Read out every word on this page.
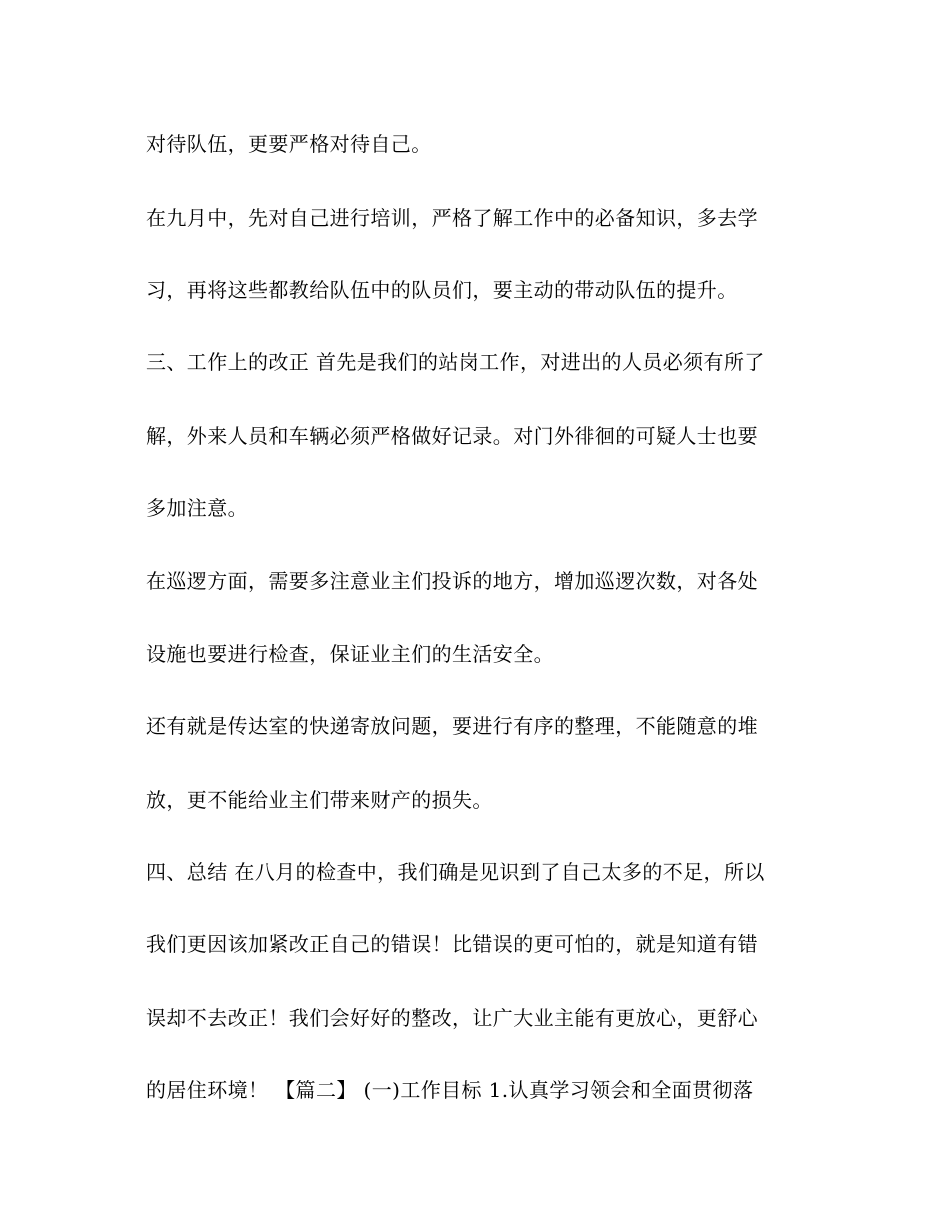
对待队伍，更要严格对待自己。
在九月中，先对自己进行培训，严格了解工作中的必备知识，多去学
习，再将这些都教给队伍中的队员们，要主动的带动队伍的提升。
三、工作上的改正 首先是我们的站岗工作，对进出的人员必须有所了
解，外来人员和车辆必须严格做好记录。对门外徘徊的可疑人士也要
多加注意。
在巡逻方面，需要多注意业主们投诉的地方，增加巡逻次数，对各处
设施也要进行检查，保证业主们的生活安全。
还有就是传达室的快递寄放问题，要进行有序的整理，不能随意的堆
放，更不能给业主们带来财产的损失。
四、总结 在八月的检查中，我们确是见识到了自己太多的不足，所以
我们更因该加紧改正自己的错误！比错误的更可怕的，就是知道有错
误却不去改正！我们会好好的整改，让广大业主能有更放心，更舒心
的居住环境！ 【篇二】 (一)工作目标 1.认真学习领会和全面贯彻落
